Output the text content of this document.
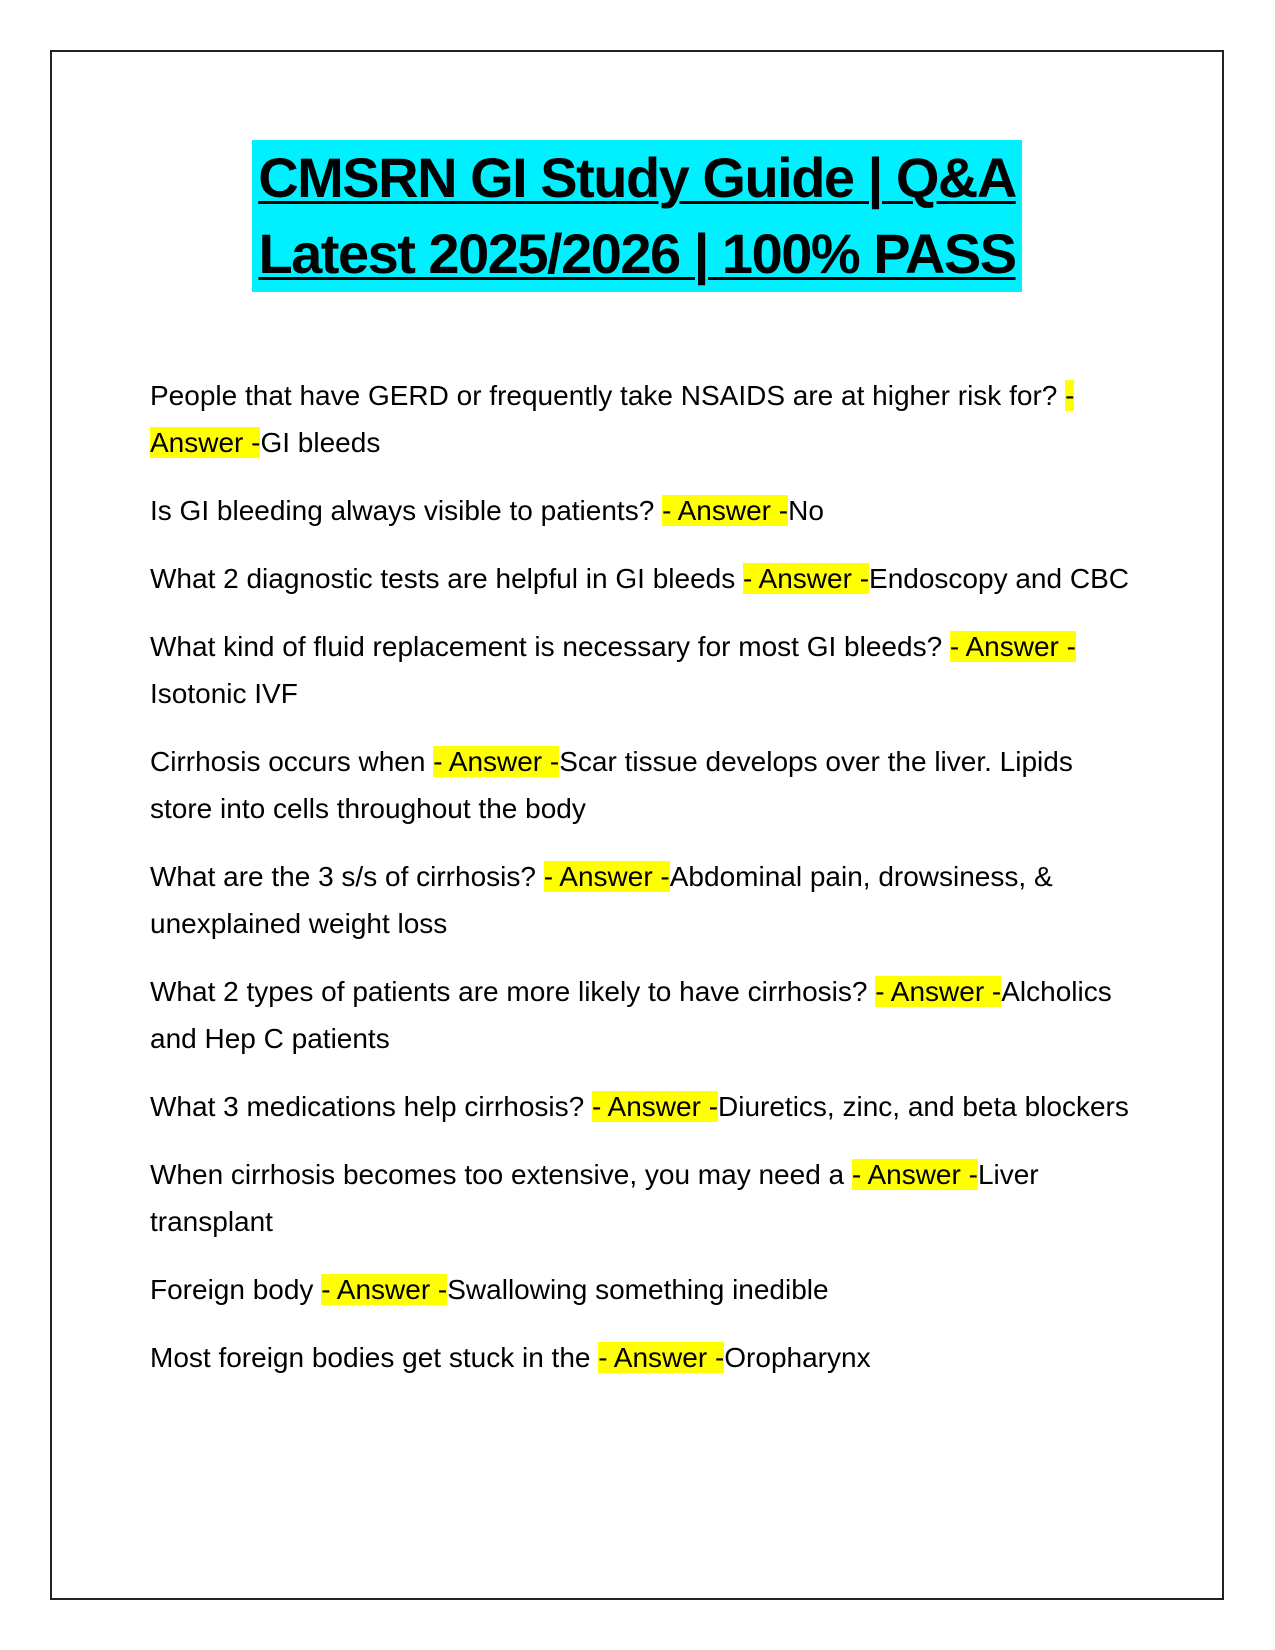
CMSRN GI Study Guide | Q&A
Latest 2025/2026 | 100% PASS

People that have GERD or frequently take NSAIDS are at higher risk for? - Answer -GI bleeds

Is GI bleeding always visible to patients? - Answer -No

What 2 diagnostic tests are helpful in GI bleeds - Answer -Endoscopy and CBC

What kind of fluid replacement is necessary for most GI bleeds? - Answer -Isotonic IVF

Cirrhosis occurs when - Answer -Scar tissue develops over the liver. Lipids store into cells throughout the body

What are the 3 s/s of cirrhosis? - Answer -Abdominal pain, drowsiness, & unexplained weight loss

What 2 types of patients are more likely to have cirrhosis? - Answer -Alcholics and Hep C patients

What 3 medications help cirrhosis? - Answer -Diuretics, zinc, and beta blockers

When cirrhosis becomes too extensive, you may need a - Answer -Liver transplant

Foreign body - Answer -Swallowing something inedible

Most foreign bodies get stuck in the - Answer -Oropharynx
